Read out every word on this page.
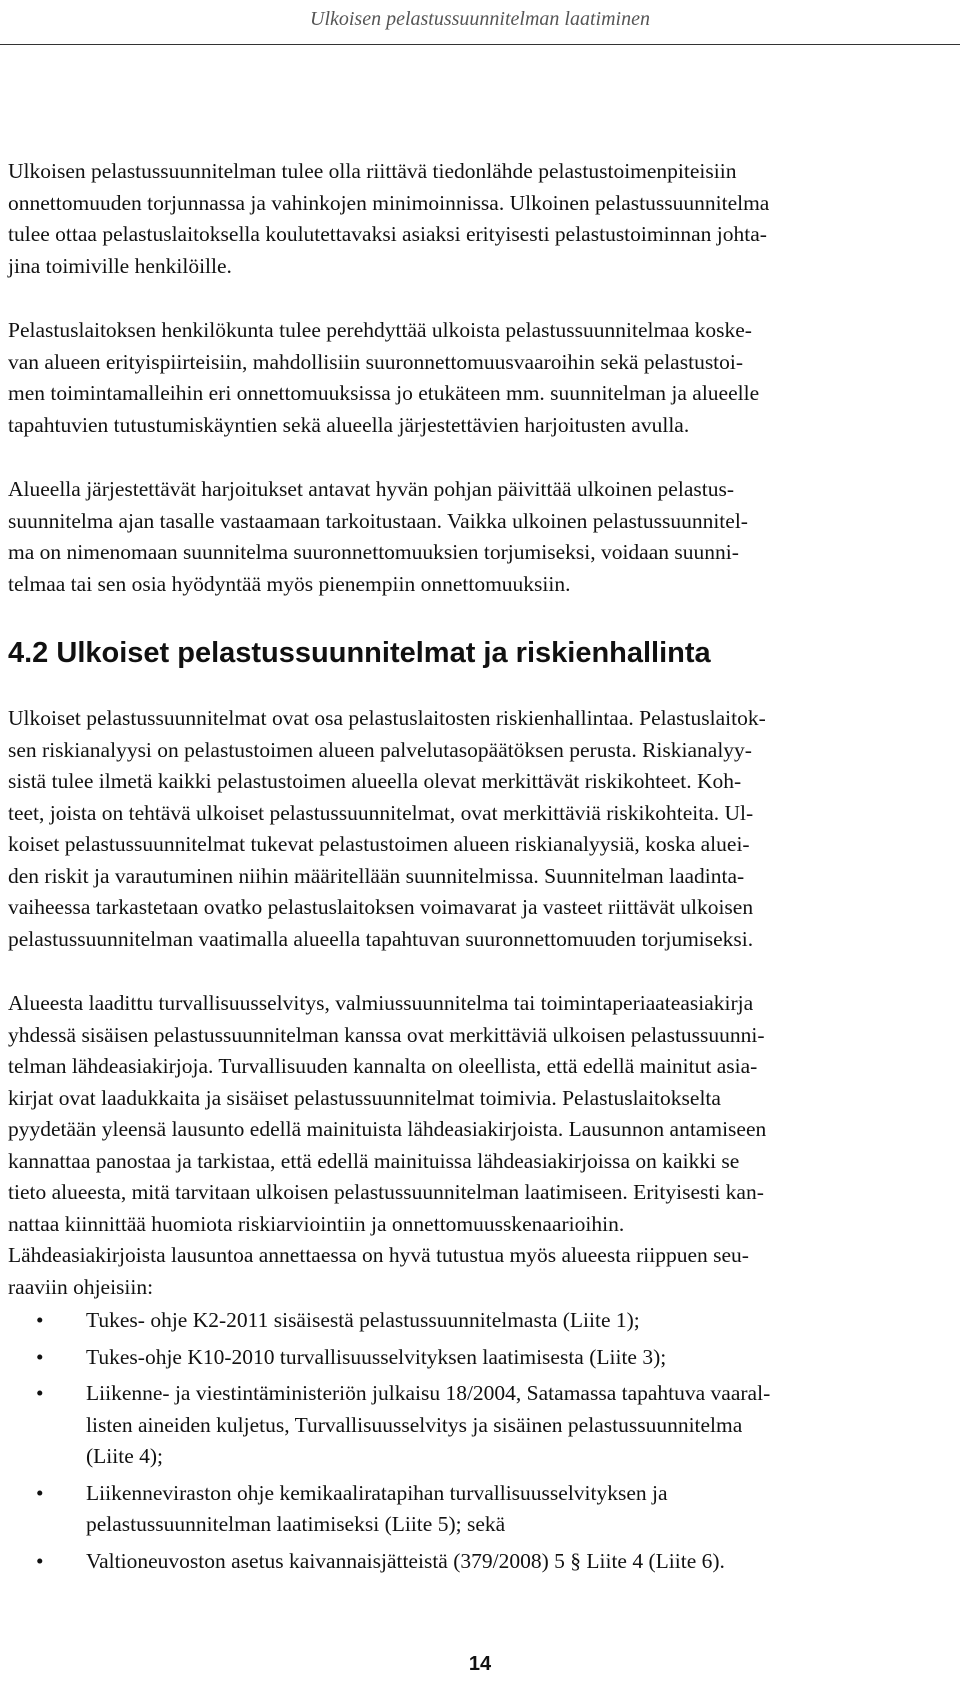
Ulkoisen pelastussuunnitelman laatiminen

Ulkoisen pelastussuunnitelman tulee olla riittävä tiedonlähde pelastustoimenpiteisiin
onnettomuuden torjunnassa ja vahinkojen minimoinnissa. Ulkoinen pelastussuunnitelma
tulee ottaa pelastuslaitoksella koulutettavaksi asiaksi erityisesti pelastustoiminnan johta-
jina toimiville henkilöille.

Pelastuslaitoksen henkilökunta tulee perehdyttää ulkoista pelastussuunnitelmaa koske-
van alueen erityispiirteisiin, mahdollisiin suuronnettomuusvaaroihin sekä pelastustoi-
men toimintamalleihin eri onnettomuuksissa jo etukäteen mm. suunnitelman ja alueelle
tapahtuvien tutustumiskäyntien sekä alueella järjestettävien harjoitusten avulla.

Alueella järjestettävät harjoitukset antavat hyvän pohjan päivittää ulkoinen pelastus-
suunnitelma ajan tasalle vastaamaan tarkoitustaan. Vaikka ulkoinen pelastussuunnitel-
ma on nimenomaan suunnitelma suuronnettomuuksien torjumiseksi, voidaan suunni-
telmaa tai sen osia hyödyntää myös pienempiin onnettomuuksiin.

4.2 Ulkoiset pelastussuunnitelmat ja riskienhallinta

Ulkoiset pelastussuunnitelmat ovat osa pelastuslaitosten riskienhallintaa. Pelastuslaitok-
sen riskianalyysi on pelastustoimen alueen palvelutasopäätöksen perusta. Riskianalyy-
sistä tulee ilmetä kaikki pelastustoimen alueella olevat merkittävät riskikohteet. Koh-
teet, joista on tehtävä ulkoiset pelastussuunnitelmat, ovat merkittäviä riskikohteita. Ul-
koiset pelastussuunnitelmat tukevat pelastustoimen alueen riskianalyysiä, koska aluei-
den riskit ja varautuminen niihin määritellään suunnitelmissa. Suunnitelman laadinta-
vaiheessa tarkastetaan ovatko pelastuslaitoksen voimavarat ja vasteet riittävät ulkoisen
pelastussuunnitelman vaatimalla alueella tapahtuvan suuronnettomuuden torjumiseksi.

Alueesta laadittu turvallisuusselvitys, valmiussuunnitelma tai toimintaperiaateasiakirja
yhdessä sisäisen pelastussuunnitelman kanssa ovat merkittäviä ulkoisen pelastussuunni-
telman lähdeasiakirjoja. Turvallisuuden kannalta on oleellista, että edellä mainitut asia-
kirjat ovat laadukkaita ja sisäiset pelastussuunnitelmat toimivia. Pelastuslaitokselta
pyydetään yleensä lausunto edellä mainituista lähdeasiakirjoista. Lausunnon antamiseen
kannattaa panostaa ja tarkistaa, että edellä mainituissa lähdeasiakirjoissa on kaikki se
tieto alueesta, mitä tarvitaan ulkoisen pelastussuunnitelman laatimiseen. Erityisesti kan-
nattaa kiinnittää huomiota riskiarviointiin ja onnettomuusskenaarioihin.

Lähdeasiakirjoista lausuntoa annettaessa on hyvä tutustua myös alueesta riippuen seu-
raaviin ohjeisiin:

• Tukes- ohje K2-2011 sisäisestä pelastussuunnitelmasta (Liite 1);
• Tukes-ohje K10-2010 turvallisuusselvityksen laatimisesta (Liite 3);
• Liikenne- ja viestintäministeriön julkaisu 18/2004, Satamassa tapahtuva vaaral-
listen aineiden kuljetus, Turvallisuusselvitys ja sisäinen pelastussuunnitelma
(Liite 4);
• Liikenneviraston ohje kemikaaliratapihan turvallisuusselvityksen ja
pelastussuunnitelman laatimiseksi (Liite 5); sekä
• Valtioneuvoston asetus kaivannaisjätteistä (379/2008) 5 § Liite 4 (Liite 6).
14
